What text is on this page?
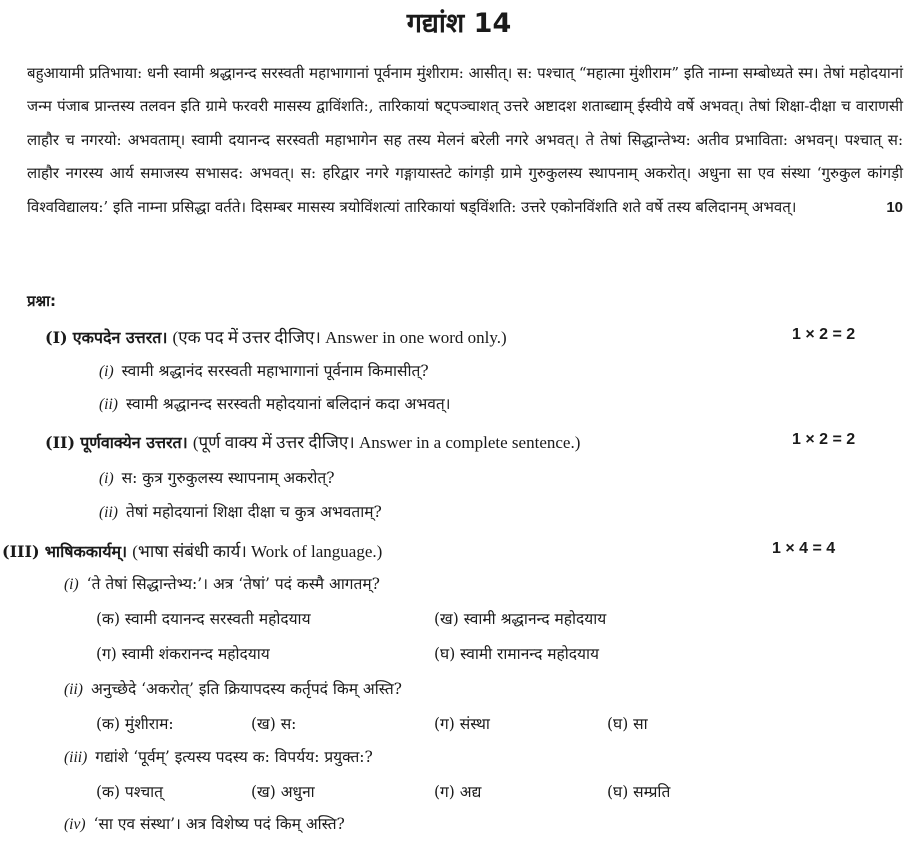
गद्यांश 14

बहुआयामी प्रतिभाया: धनी स्वामी श्रद्धानन्द सरस्वती महाभागानां पूर्वनाम मुंशीराम: आसीत्। स: पश्चात् “महात्मा मुंशीराम” इति नाम्ना सम्बोध्यते स्म। तेषां महोदयानां जन्म पंजाब प्रान्तस्य तलवन इति ग्रामे फरवरी मासस्य द्वाविंशति:, तारिकायां षट्पञ्चाशत् उत्तरे अष्टादश शताब्द्याम् ईस्वीये वर्षे अभवत्। तेषां शिक्षा-दीक्षा च वाराणसी लाहौर च नगरयो: अभवताम्। स्वामी दयानन्द सरस्वती महाभागेन सह तस्य मेलनं बरेली नगरे अभवत्। ते तेषां सिद्धान्तेभ्य: अतीव प्रभाविता: अभवन्। पश्चात् स: लाहौर नगरस्य आर्य समाजस्य सभासद: अभवत्। स: हरिद्वार नगरे गङ्गायास्तटे कांगड़ी ग्रामे गुरुकुलस्य स्थापनाम् अकरोत्। अधुना सा एव संस्था ‘गुरुकुल कांगड़ी विश्वविद्यालय:’ इति नाम्ना प्रसिद्धा वर्तते। दिसम्बर मासस्य त्रयोविंशत्यां तारिकायां षड्विंशति: उत्तरे एकोनविंशति शते वर्षे तस्य बलिदानम् अभवत्।	10

प्रश्ना:
(I) एकपदेन उत्तरत। (एक पद में उत्तर दीजिए। Answer in one word only.)	1 × 2 = 2
(i) स्वामी श्रद्धानंद सरस्वती महाभागानां पूर्वनाम किमासीत्?
(ii) स्वामी श्रद्धानन्द सरस्वती महोदयानां बलिदानं कदा अभवत्।
(II) पूर्णवाक्येन उत्तरत। (पूर्ण वाक्य में उत्तर दीजिए। Answer in a complete sentence.)	1 × 2 = 2
(i) स: कुत्र गुरुकुलस्य स्थापनाम् अकरोत्?
(ii) तेषां महोदयानां शिक्षा दीक्षा च कुत्र अभवताम्?
(III) भाषिककार्यम्। (भाषा संबंधी कार्य। Work of language.)	1 × 4 = 4
(i) ‘ते तेषां सिद्धान्तेभ्य:’। अत्र ‘तेषां’ पदं कस्मै आगतम्?
(क) स्वामी दयानन्द सरस्वती महोदयाय	(ख) स्वामी श्रद्धानन्द महोदयाय
(ग) स्वामी शंकरानन्द महोदयाय	(घ) स्वामी रामानन्द महोदयाय
(ii) अनुच्छेदे ‘अकरोत्’ इति क्रियापदस्य कर्तृपदं किम् अस्ति?
(क) मुंशीराम:	(ख) स:	(ग) संस्था	(घ) सा
(iii) गद्यांशे ‘पूर्वम्’ इत्यस्य पदस्य क: विपर्यय: प्रयुक्त:?
(क) पश्चात्	(ख) अधुना	(ग) अद्य	(घ) सम्प्रति
(iv) ‘सा एव संस्था’। अत्र विशेष्य पदं किम् अस्ति?
